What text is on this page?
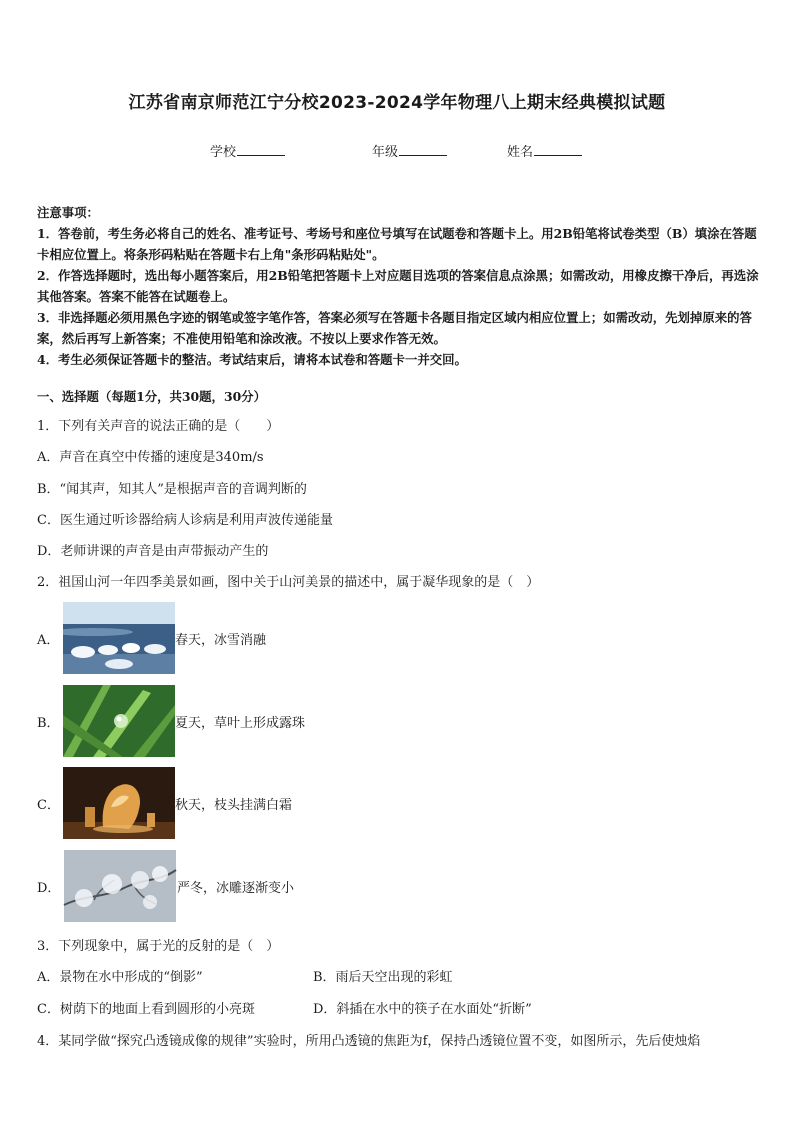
江苏省南京师范江宁分校2023-2024学年物理八上期末经典模拟试题
学校	年级	姓名

注意事项：

1．答卷前，考生务必将自己的姓名、准考证号、考场号和座位号填写在试题卷和答题卡上。用2B铅笔将试卷类型（B）填涂在答题卡相应位置上。将条形码粘贴在答题卡右上角"条形码粘贴处"。

2．作答选择题时，选出每小题答案后，用2B铅笔把答题卡上对应题目选项的答案信息点涂黑；如需改动，用橡皮擦干净后，再选涂其他答案。答案不能答在试题卷上。

3．非选择题必须用黑色字迹的钢笔或签字笔作答，答案必须写在答题卡各题目指定区域内相应位置上；如需改动，先划掉原来的答案，然后再写上新答案；不准使用铅笔和涂改液。不按以上要求作答无效。

4．考生必须保证答题卡的整洁。考试结束后，请将本试卷和答题卡一并交回。

一、选择题（每题1分，共30题，30分）
1．下列有关声音的说法正确的是（　　）
A．声音在真空中传播的速度是340m/s
B．“闻其声，知其人”是根据声音的音调判断的
C．医生通过听诊器给病人诊病是利用声波传递能量
D．老师讲课的声音是由声带振动产生的
2．祖国山河一年四季美景如画，图中关于山河美景的描述中，属于凝华现象的是（　）
A．	春天，冰雪消融
B．	夏天，草叶上形成露珠
C．	秋天，枝头挂满白霜
D．	严冬，冰雕逐渐变小
3．下列现象中，属于光的反射的是（　）
A．景物在水中形成的“倒影”	B．雨后天空出现的彩虹
C．树荫下的地面上看到圆形的小亮斑	D．斜插在水中的筷子在水面处“折断”
4．某同学做“探究凸透镜成像的规律”实验时，所用凸透镜的焦距为f，保持凸透镜位置不变，如图所示，先后使烛焰
